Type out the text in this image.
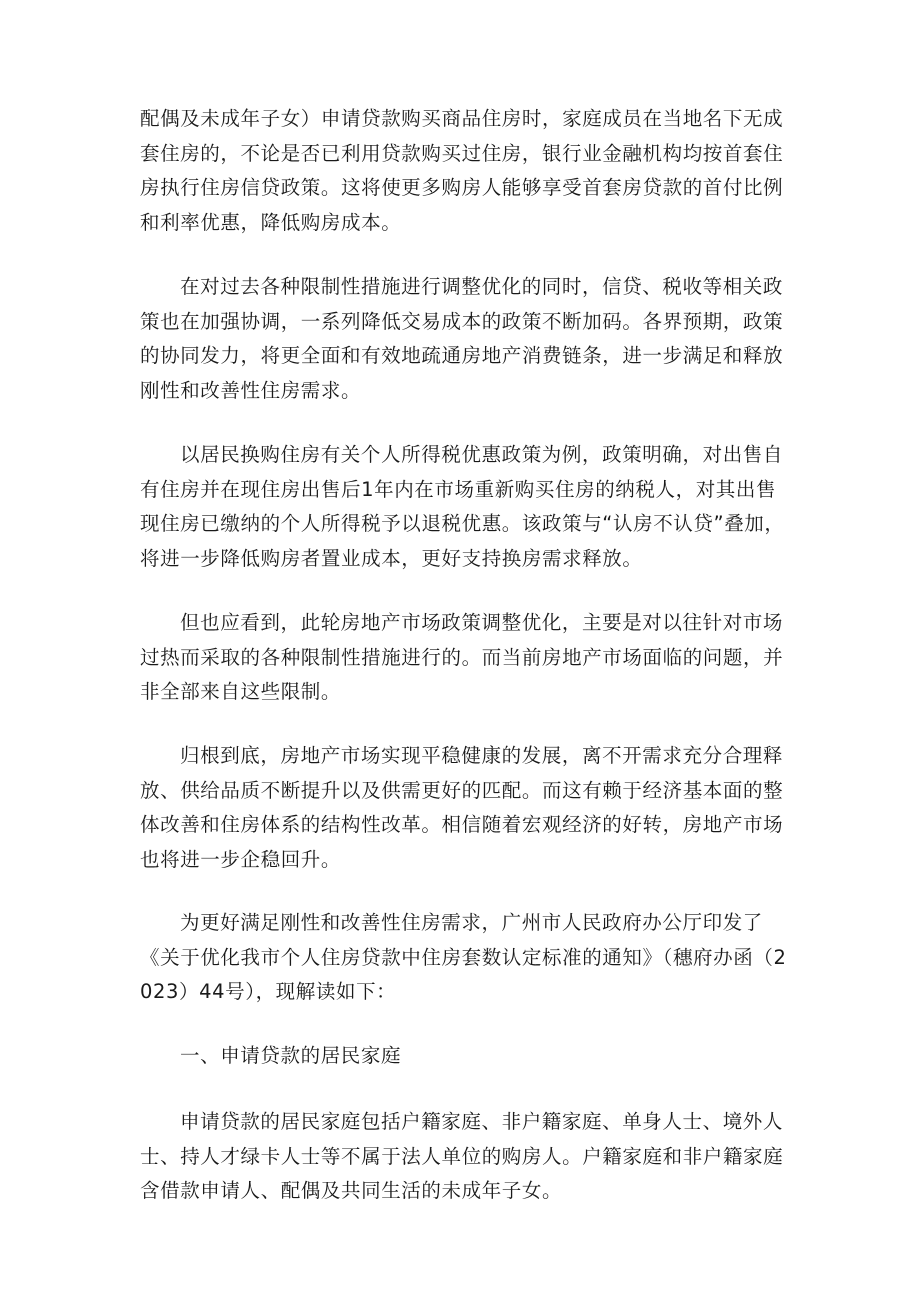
配偶及未成年子女）申请贷款购买商品住房时，家庭成员在当地名下无成套住房的，不论是否已利用贷款购买过住房，银行业金融机构均按首套住房执行住房信贷政策。这将使更多购房人能够享受首套房贷款的首付比例和利率优惠，降低购房成本。

在对过去各种限制性措施进行调整优化的同时，信贷、税收等相关政策也在加强协调，一系列降低交易成本的政策不断加码。各界预期，政策的协同发力，将更全面和有效地疏通房地产消费链条，进一步满足和释放刚性和改善性住房需求。

以居民换购住房有关个人所得税优惠政策为例，政策明确，对出售自有住房并在现住房出售后1年内在市场重新购买住房的纳税人，对其出售现住房已缴纳的个人所得税予以退税优惠。该政策与“认房不认贷”叠加，将进一步降低购房者置业成本，更好支持换房需求释放。

但也应看到，此轮房地产市场政策调整优化，主要是对以往针对市场过热而采取的各种限制性措施进行的。而当前房地产市场面临的问题，并非全部来自这些限制。

归根到底，房地产市场实现平稳健康的发展，离不开需求充分合理释放、供给品质不断提升以及供需更好的匹配。而这有赖于经济基本面的整体改善和住房体系的结构性改革。相信随着宏观经济的好转，房地产市场也将进一步企稳回升。

为更好满足刚性和改善性住房需求，广州市人民政府办公厅印发了《关于优化我市个人住房贷款中住房套数认定标准的通知》（穗府办函（2023）44号），现解读如下：

一、申请贷款的居民家庭

申请贷款的居民家庭包括户籍家庭、非户籍家庭、单身人士、境外人士、持人才绿卡人士等不属于法人单位的购房人。户籍家庭和非户籍家庭含借款申请人、配偶及共同生活的未成年子女。
